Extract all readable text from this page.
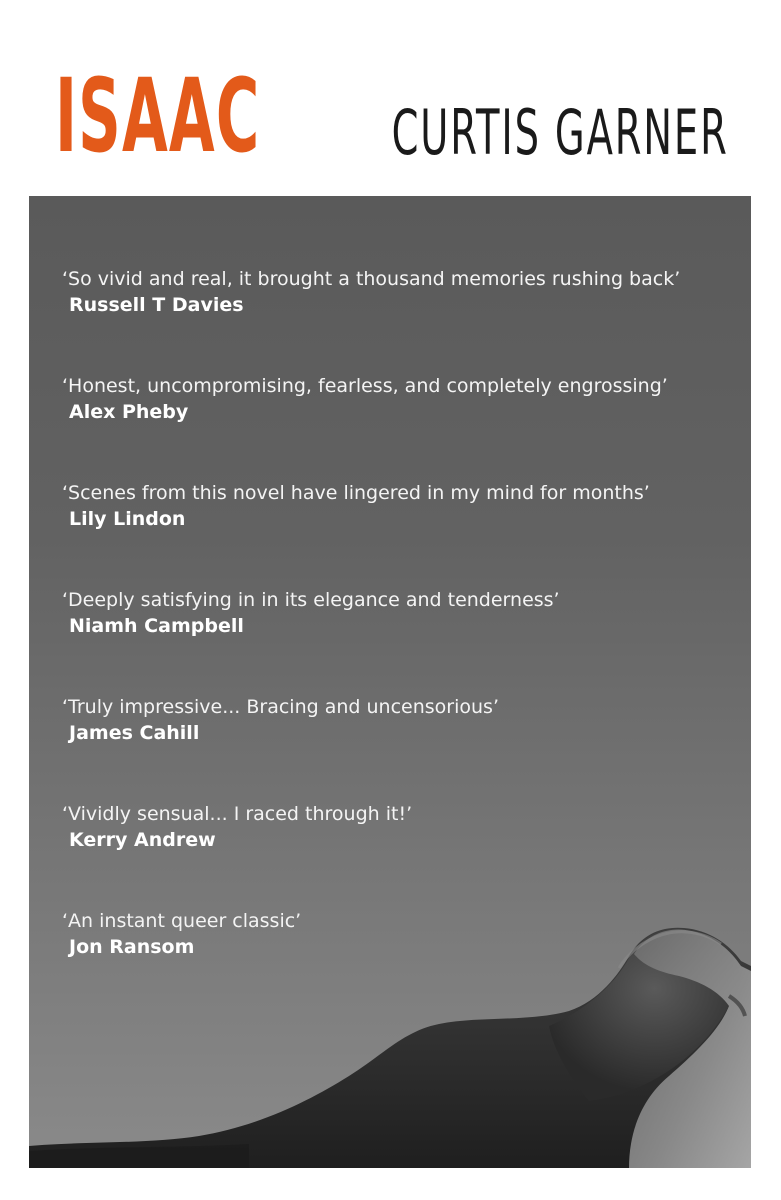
ISAAC CURTIS GARNER
‘So vivid and real, it brought a thousand memories rushing back’
Russell T Davies
‘Honest, uncompromising, fearless, and completely engrossing’
Alex Pheby
‘Scenes from this novel have lingered in my mind for months’
Lily Lindon
‘Deeply satisfying in in its elegance and tenderness’
Niamh Campbell
‘Truly impressive... Bracing and uncensorious’
James Cahill
‘Vividly sensual... I raced through it!’
Kerry Andrew
‘An instant queer classic’
Jon Ransom
